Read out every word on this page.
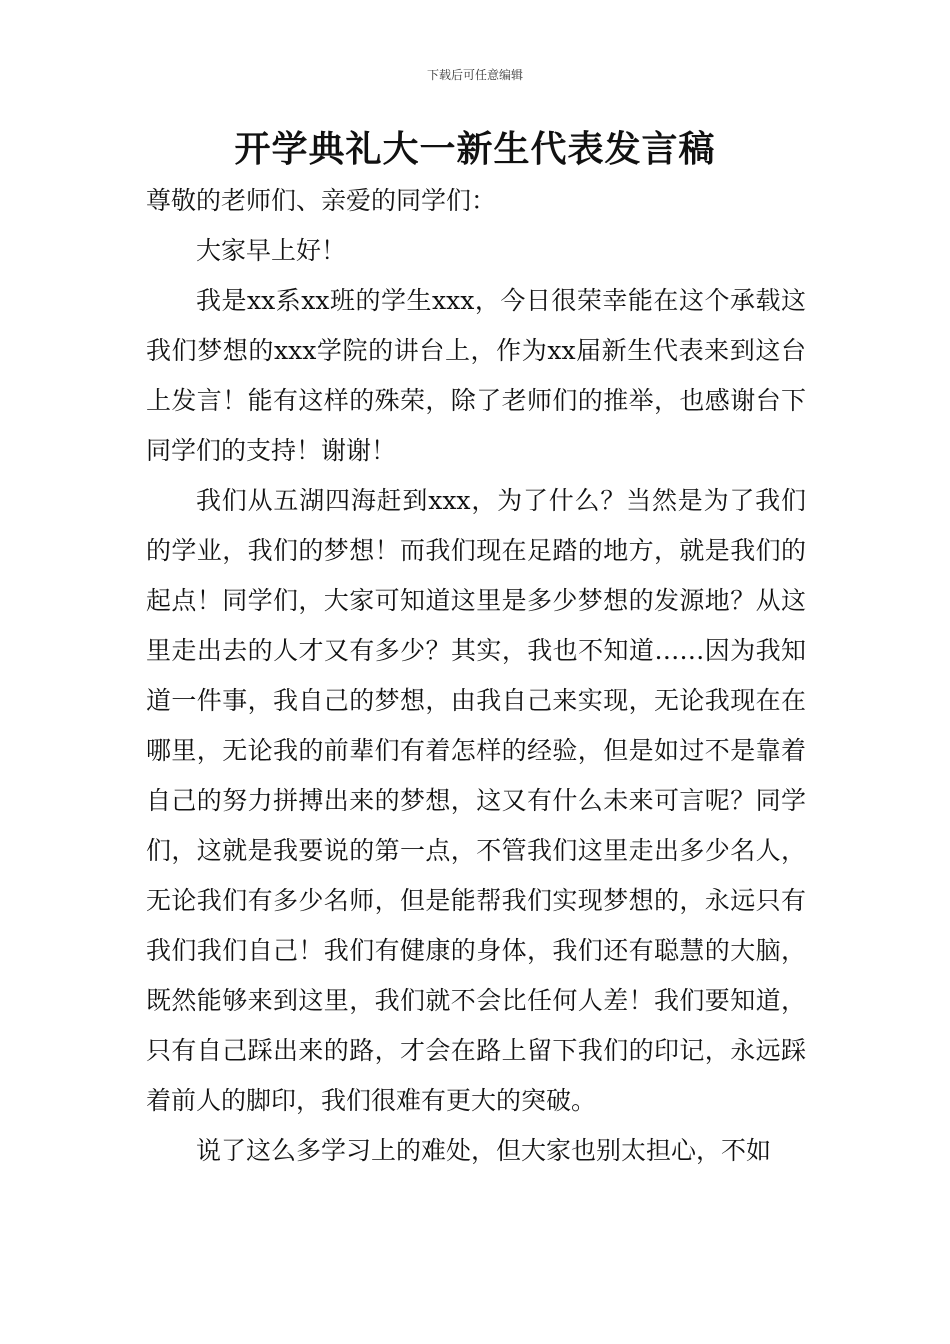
下载后可任意编辑
开学典礼大一新生代表发言稿

尊敬的老师们、亲爱的同学们：

大家早上好！

我是xx系xx班的学生xxx，今日很荣幸能在这个承载这我们梦想的xxx学院的讲台上，作为xx届新生代表来到这台上发言！能有这样的殊荣，除了老师们的推举，也感谢台下同学们的支持！谢谢！

我们从五湖四海赶到xxx，为了什么？当然是为了我们的学业，我们的梦想！而我们现在足踏的地方，就是我们的起点！同学们，大家可知道这里是多少梦想的发源地？从这里走出去的人才又有多少？其实，我也不知道……因为我知道一件事，我自己的梦想，由我自己来实现，无论我现在在哪里，无论我的前辈们有着怎样的经验，但是如过不是靠着自己的努力拼搏出来的梦想，这又有什么未来可言呢？同学们，这就是我要说的第一点，不管我们这里走出多少名人，无论我们有多少名师，但是能帮我们实现梦想的，永远只有我们我们自己！我们有健康的身体，我们还有聪慧的大脑，既然能够来到这里，我们就不会比任何人差！我们要知道，只有自己踩出来的路，才会在路上留下我们的印记，永远踩着前人的脚印，我们很难有更大的突破。

说了这么多学习上的难处，但大家也别太担心，不如
